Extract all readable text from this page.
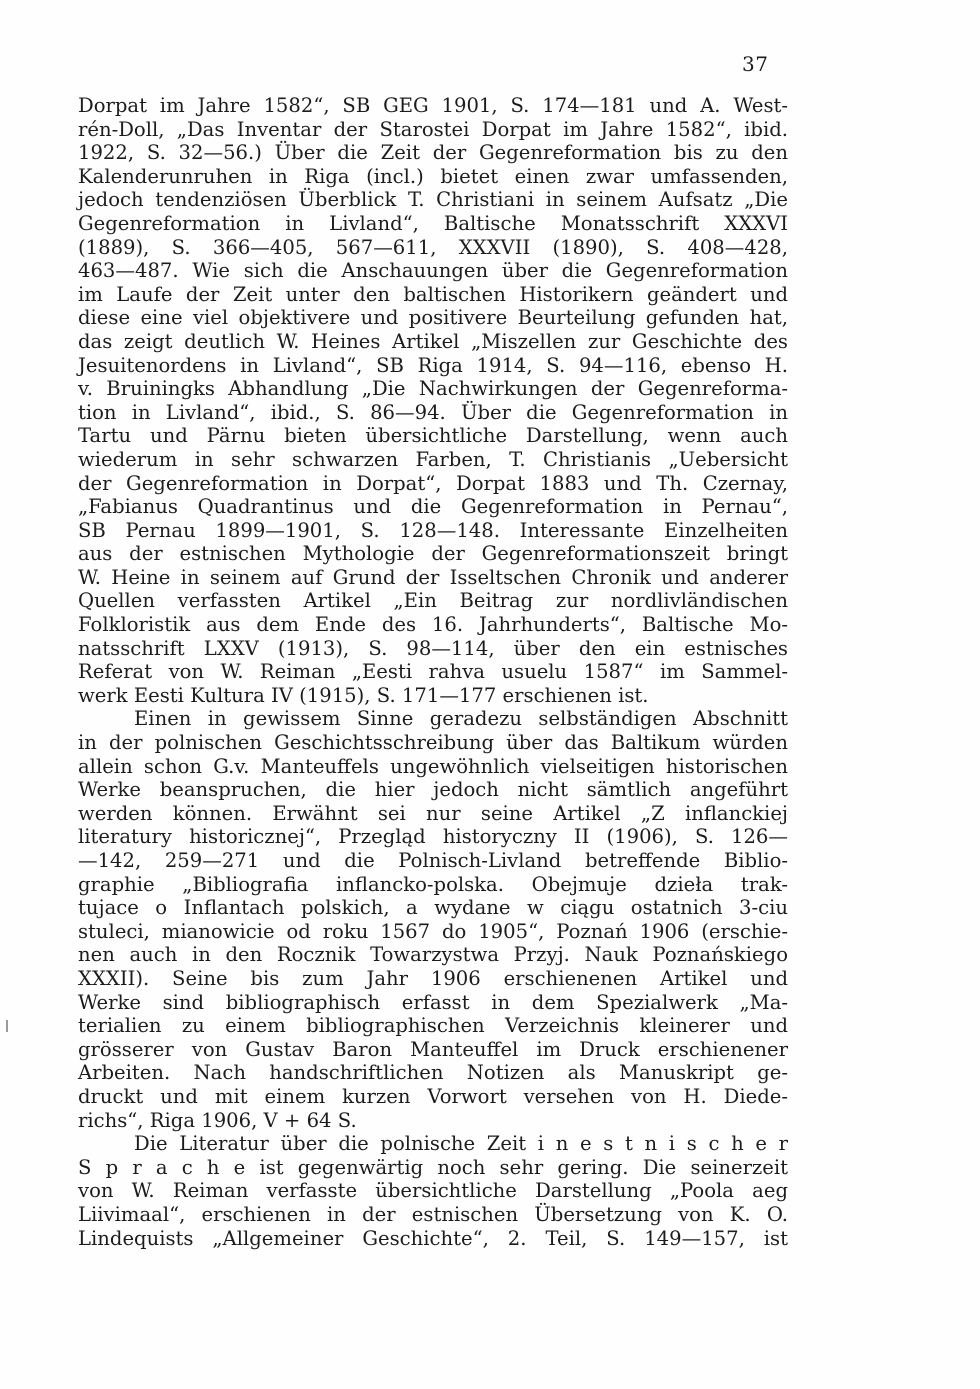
37
Dorpat im Jahre 1582“, SB GEG 1901, S. 174—181 und A. West-
rén-Doll, „Das Inventar der Starostei Dorpat im Jahre 1582“, ibid.
1922, S. 32—56.) Über die Zeit der Gegenreformation bis zu den
Kalenderunruhen in Riga (incl.) bietet einen zwar umfassenden,
jedoch tendenziösen Überblick T. Christiani in seinem Aufsatz „Die
Gegenreformation in Livland“, Baltische Monatsschrift XXXVI
(1889), S. 366—405, 567—611, XXXVII (1890), S. 408—428,
463—487. Wie sich die Anschauungen über die Gegenreformation
im Laufe der Zeit unter den baltischen Historikern geändert und
diese eine viel objektivere und positivere Beurteilung gefunden hat,
das zeigt deutlich W. Heines Artikel „Miszellen zur Geschichte des
Jesuitenordens in Livland“, SB Riga 1914, S. 94—116, ebenso H.
v. Bruiningks Abhandlung „Die Nachwirkungen der Gegenreforma-
tion in Livland“, ibid., S. 86—94. Über die Gegenreformation in
Tartu und Pärnu bieten übersichtliche Darstellung, wenn auch
wiederum in sehr schwarzen Farben, T. Christianis „Uebersicht
der Gegenreformation in Dorpat“, Dorpat 1883 und Th. Czernay,
„Fabianus Quadrantinus und die Gegenreformation in Pernau“,
SB Pernau 1899—1901, S. 128—148. Interessante Einzelheiten
aus der estnischen Mythologie der Gegenreformationszeit bringt
W. Heine in seinem auf Grund der Isseltschen Chronik und anderer
Quellen verfassten Artikel „Ein Beitrag zur nordlivländischen
Folkloristik aus dem Ende des 16. Jahrhunderts“, Baltische Mo-
natsschrift LXXV (1913), S. 98—114, über den ein estnisches
Referat von W. Reiman „Eesti rahva usuelu 1587“ im Sammel-
werk Eesti Kultura IV (1915), S. 171—177 erschienen ist.
Einen in gewissem Sinne geradezu selbständigen Abschnitt
in der polnischen Geschichtsschreibung über das Baltikum würden
allein schon G.v. Manteuffels ungewöhnlich vielseitigen historischen
Werke beanspruchen, die hier jedoch nicht sämtlich angeführt
werden können. Erwähnt sei nur seine Artikel „Z inflanckiej
literatury historicznej“, Przegląd historyczny II (1906), S. 126—
—142, 259—271 und die Polnisch-Livland betreffende Biblio-
graphie „Bibliografia inflancko-polska. Obejmuje dzieła trak-
tujace o Inflantach polskich, a wydane w ciągu ostatnich 3-ciu
stuleci, mianowicie od roku 1567 do 1905“, Poznań 1906 (erschie-
nen auch in den Rocznik Towarzystwa Przyj. Nauk Poznańskiego
XXXII). Seine bis zum Jahr 1906 erschienenen Artikel und
Werke sind bibliographisch erfasst in dem Spezialwerk „Ma-
terialien zu einem bibliographischen Verzeichnis kleinerer und
grösserer von Gustav Baron Manteuffel im Druck erschienener
Arbeiten. Nach handschriftlichen Notizen als Manuskript ge-
druckt und mit einem kurzen Vorwort versehen von H. Diede-
richs“, Riga 1906, V + 64 S.
Die Literatur über die polnische Zeit i n e s t n i s c h e r
S p r a c h e ist gegenwärtig noch sehr gering. Die seinerzeit
von W. Reiman verfasste übersichtliche Darstellung „Poola aeg
Liivimaal“, erschienen in der estnischen Übersetzung von K. O.
Lindequists „Allgemeiner Geschichte“, 2. Teil, S. 149—157, ist
